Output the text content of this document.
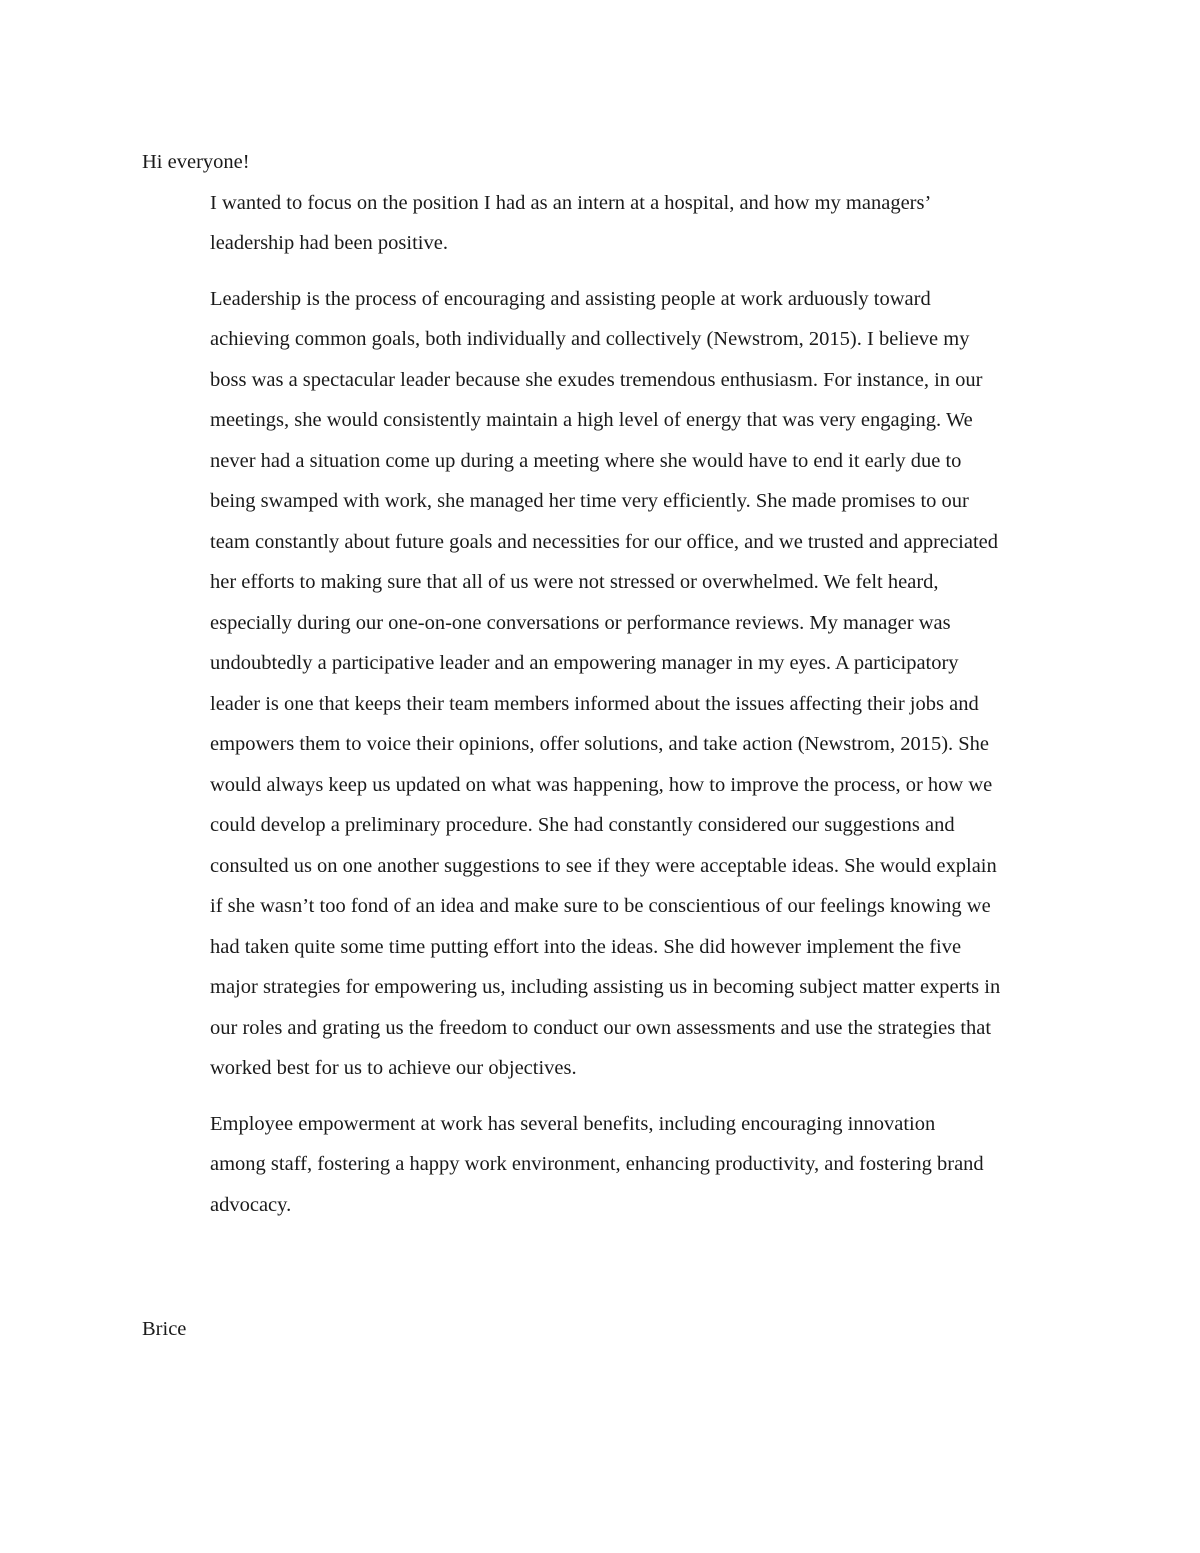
Hi everyone!

I wanted to focus on the position I had as an intern at a hospital, and how my managers’
leadership had been positive.

Leadership is the process of encouraging and assisting people at work arduously toward
achieving common goals, both individually and collectively (Newstrom, 2015). I believe my
boss was a spectacular leader because she exudes tremendous enthusiasm. For instance, in our
meetings, she would consistently maintain a high level of energy that was very engaging. We
never had a situation come up during a meeting where she would have to end it early due to
being swamped with work, she managed her time very efficiently. She made promises to our
team constantly about future goals and necessities for our office, and we trusted and appreciated
her efforts to making sure that all of us were not stressed or overwhelmed. We felt heard,
especially during our one-on-one conversations or performance reviews. My manager was
undoubtedly a participative leader and an empowering manager in my eyes. A participatory
leader is one that keeps their team members informed about the issues affecting their jobs and
empowers them to voice their opinions, offer solutions, and take action (Newstrom, 2015). She
would always keep us updated on what was happening, how to improve the process, or how we
could develop a preliminary procedure. She had constantly considered our suggestions and
consulted us on one another suggestions to see if they were acceptable ideas. She would explain
if she wasn’t too fond of an idea and make sure to be conscientious of our feelings knowing we
had taken quite some time putting effort into the ideas. She did however implement the five
major strategies for empowering us, including assisting us in becoming subject matter experts in
our roles and grating us the freedom to conduct our own assessments and use the strategies that
worked best for us to achieve our objectives.

Employee empowerment at work has several benefits, including encouraging innovation
among staff, fostering a happy work environment, enhancing productivity, and fostering brand
advocacy.

Brice
